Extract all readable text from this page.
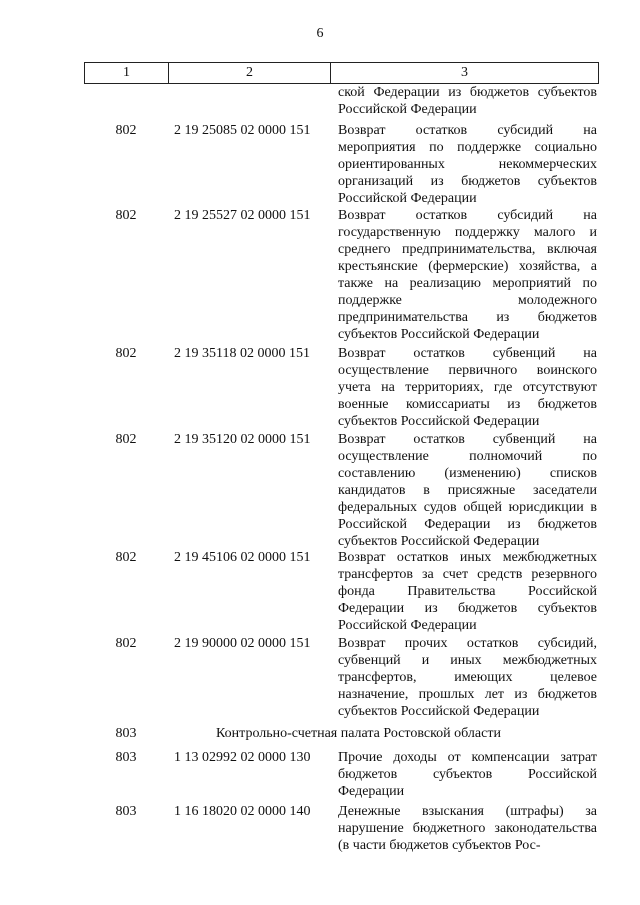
6
1	2	3
ской Федерации из бюджетов субъектов Российской Федерации
802	2 19 25085 02 0000 151	Возврат остатков субсидий на мероприятия по поддержке социально ориентированных некоммерческих организаций из бюджетов субъектов Российской Федерации
802	2 19 25527 02 0000 151	Возврат остатков субсидий на государственную поддержку малого и среднего предпринимательства, включая крестьянские (фермерские) хозяйства, а также на реализацию мероприятий по поддержке молодежного предпринимательства из бюджетов субъектов Российской Федерации
802	2 19 35118 02 0000 151	Возврат остатков субвенций на осуществление первичного воинского учета на территориях, где отсутствуют военные комиссариаты из бюджетов субъектов Российской Федерации
802	2 19 35120 02 0000 151	Возврат остатков субвенций на осуществление полномочий по составлению (изменению) списков кандидатов в присяжные заседатели федеральных судов общей юрисдикции в Российской Федерации из бюджетов субъектов Российской Федерации
802	2 19 45106 02 0000 151	Возврат остатков иных межбюджетных трансфертов за счет средств резервного фонда Правительства Российской Федерации из бюджетов субъектов Российской Федерации
802	2 19 90000 02 0000 151	Возврат прочих остатков субсидий, субвенций и иных межбюджетных трансфертов, имеющих целевое назначение, прошлых лет из бюджетов субъектов Российской Федерации
803	Контрольно-счетная палата Ростовской области
803	1 13 02992 02 0000 130	Прочие доходы от компенсации затрат бюджетов субъектов Российской Федерации
803	1 16 18020 02 0000 140	Денежные взыскания (штрафы) за нарушение бюджетного законодательства (в части бюджетов субъектов Рос-
